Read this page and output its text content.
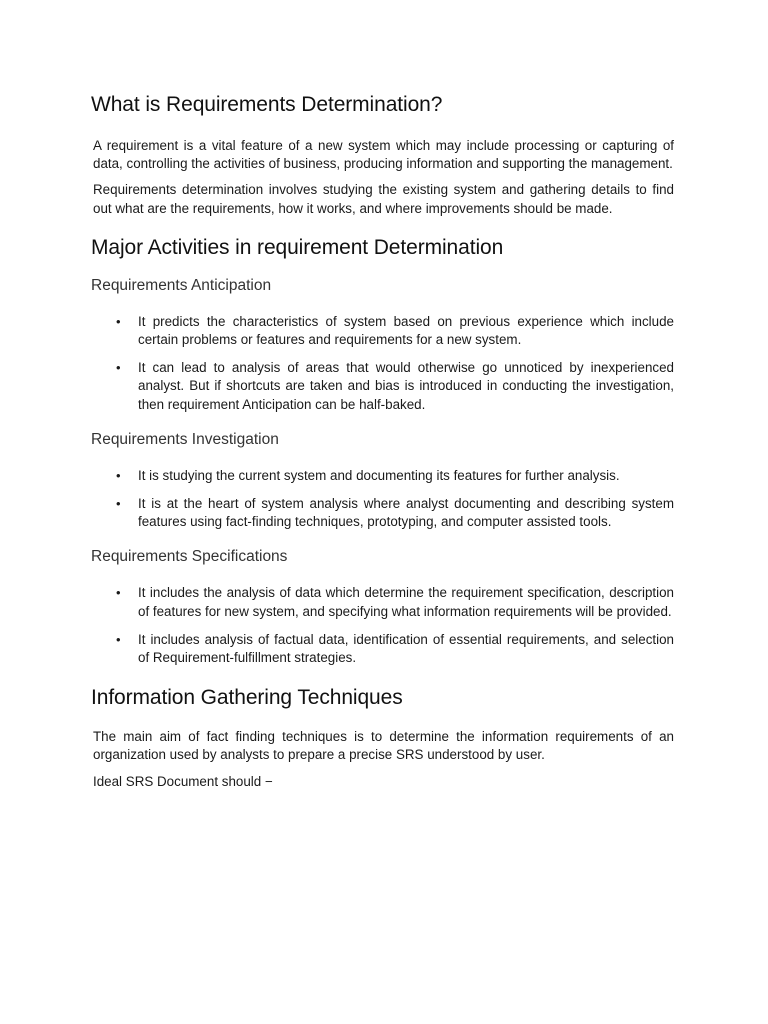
What is Requirements Determination?

A requirement is a vital feature of a new system which may include processing or capturing of data, controlling the activities of business, producing information and supporting the management.

Requirements determination involves studying the existing system and gathering details to find out what are the requirements, how it works, and where improvements should be made.

Major Activities in requirement Determination
Requirements Anticipation
• It predicts the characteristics of system based on previous experience which include certain problems or features and requirements for a new system.
• It can lead to analysis of areas that would otherwise go unnoticed by inexperienced analyst. But if shortcuts are taken and bias is introduced in conducting the investigation, then requirement Anticipation can be half-baked.
Requirements Investigation
• It is studying the current system and documenting its features for further analysis.
• It is at the heart of system analysis where analyst documenting and describing system features using fact-finding techniques, prototyping, and computer assisted tools.
Requirements Specifications
• It includes the analysis of data which determine the requirement specification, description of features for new system, and specifying what information requirements will be provided.
• It includes analysis of factual data, identification of essential requirements, and selection of Requirement-fulfillment strategies.
Information Gathering Techniques

The main aim of fact finding techniques is to determine the information requirements of an organization used by analysts to prepare a precise SRS understood by user.

Ideal SRS Document should −
